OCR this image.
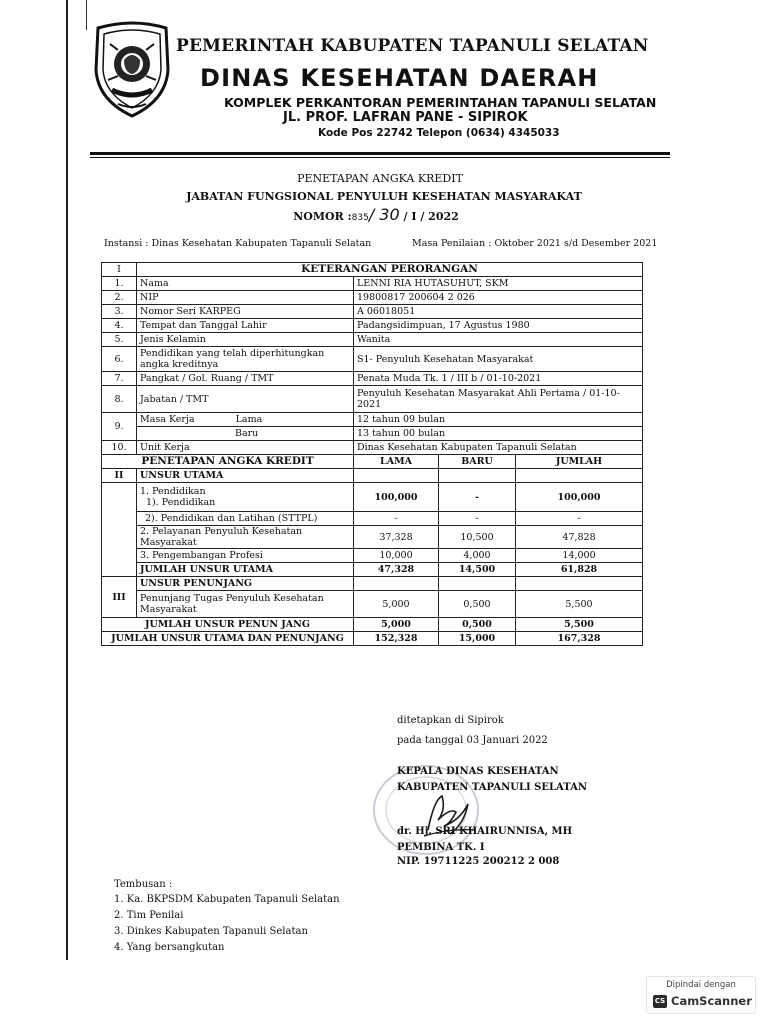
PEMERINTAH KABUPATEN TAPANULI SELATAN
DINAS KESEHATAN DAERAH
KOMPLEK PERKANTORAN PEMERINTAHAN TAPANULI SELATAN
JL. PROF. LAFRAN PANE - SIPIROK
Kode Pos 22742 Telepon (0634) 4345033
PENETAPAN ANGKA KREDIT
JABATAN FUNGSIONAL PENYULUH KESEHATAN MASYARAKAT
NOMOR :835/ 30 / I / 2022
Instansi : Dinas Kesehatan Kabupaten Tapanuli Selatan	Masa Penilaian : Oktober 2021 s/d Desember 2021
I	KETERANGAN PERORANGAN			
1.	Nama	LENNI RIA HUTASUHUT, SKM		
2.	NIP	19800817 200604 2 026		
3.	Nomor Seri KARPEG	A 06018051		
4.	Tempat dan Tanggal Lahir	Padangsidimpuan, 17 Agustus 1980		
5.	Jenis Kelamin	Wanita		
6.	Pendidikan yang telah diperhitungkan angka kreditnya	S1- Penyuluh Kesehatan Masyarakat		
7.	Pangkat / Gol. Ruang / TMT	Penata Muda Tk. 1 / III b / 01-10-2021		
8.	Jabatan / TMT	Penyuluh Kesehatan Masyarakat Ahli Pertama / 01-10-2021		
9.	Masa Kerja Lama	12 tahun 09 bulan		
	Baru	13 tahun 00 bulan		
10.	Unit Kerja	Dinas Kesehatan Kabupaten Tapanuli Selatan		
PENETAPAN ANGKA KREDIT		LAMA	BARU	JUMLAH
II	UNSUR UTAMA			

	1. Pendidikan
1). Pendidikan	100,000	-	100,000
	2). Pendidikan dan Latihan (STTPL)	-	-	-
	2. Pelayanan Penyuluh Kesehatan Masyarakat	37,328	10,500	47,828
	3. Pengembangan Profesi	10,000	4,000	14,000
	JUMLAH UNSUR UTAMA	47,328	14,500	61,828
III	UNSUR PENUNJANG			
	Penunjang Tugas Penyuluh Kesehatan Masyarakat	5,000	0,500	5,500
JUMLAH UNSUR PENUN JANG		5,000	0,500	5,500
JUMLAH UNSUR UTAMA DAN PENUNJANG		152,328	15,000	167,328
ditetapkan di Sipirok
pada tanggal 03 Januari 2022
KEPALA DINAS KESEHATAN
KABUPATEN TAPANULI SELATAN
dr. Hj. SRI KHAIRUNNISA, MH
PEMBINA TK. I
NIP. 19711225 200212 2 008
Tembusan :
1. Ka. BKPSDM Kabupaten Tapanuli Selatan
2. Tim Penilai
3. Dinkes Kabupaten Tapanuli Selatan
4. Yang bersangkutan
Dipindai dengan
CS CamScanner
